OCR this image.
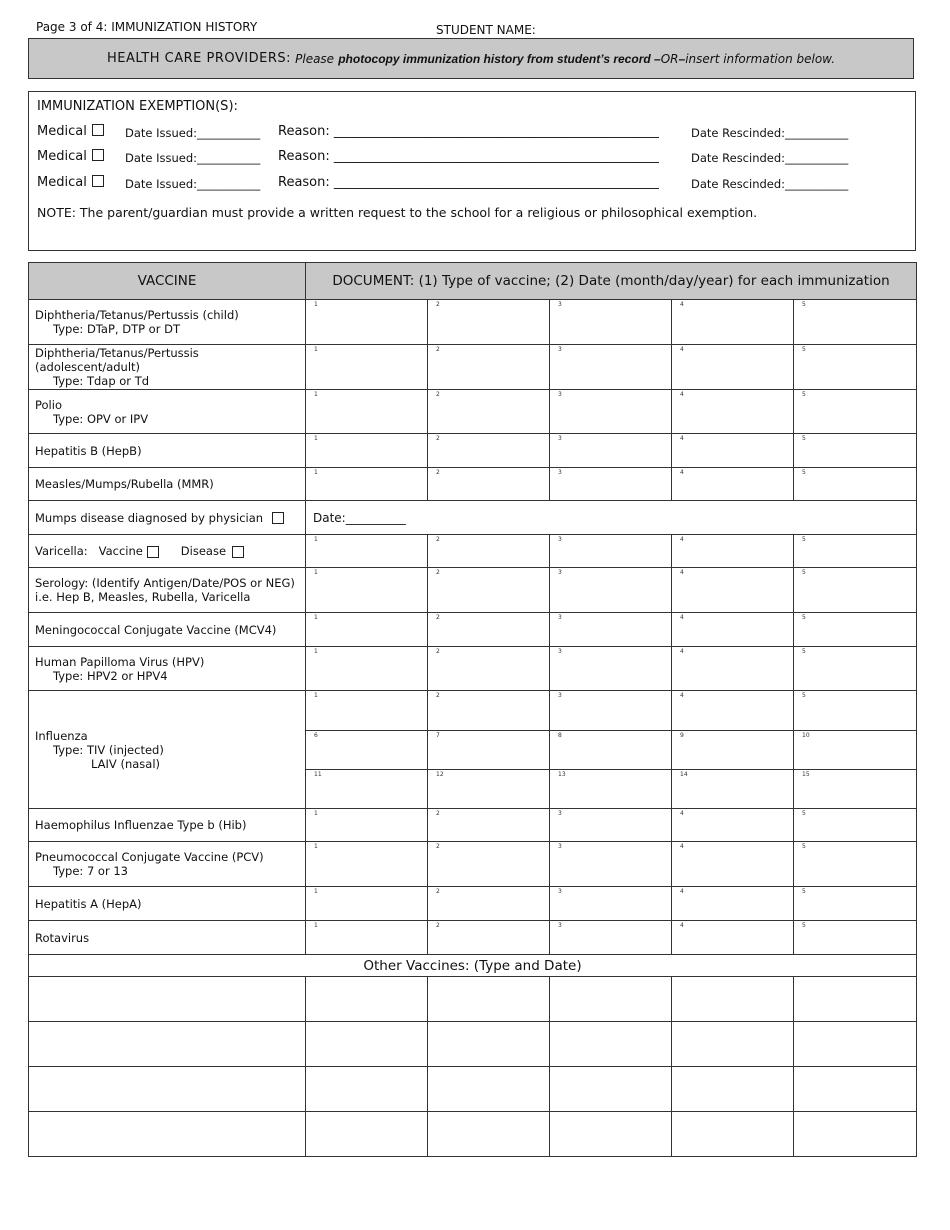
Page 3 of 4: IMMUNIZATION HISTORY	STUDENT NAME:
HEALTH CARE PROVIDERS:
Please
photocopy immunization history from student’s record – OR – insert information below.
IMMUNIZATION EXEMPTION(S):
Medical	Date Issued:___________ Reason: __________________________________________________	Date Rescinded:___________
Medical	Date Issued:___________ Reason: __________________________________________________	Date Rescinded:___________
Medical	Date Issued:___________ Reason: __________________________________________________	Date Rescinded:___________
NOTE: The parent/guardian must provide a written request to the school for a religious or philosophical exemption.
VACCINE	DOCUMENT: (1) Type of vaccine; (2) Date (month/day/year) for each immunization				
Diphtheria/Tetanus/Pertussis (child)
Type: DTaP, DTP or DT	1	2	3	4	5

Diphtheria/Tetanus/Pertussis
(adolescent/adult)
Type: Tdap or Td	1	2	3	4	5

Polio
Type: OPV or IPV	1	2	3	4	5

Hepatitis B (HepB)	1	2	3	4	5

Measles/Mumps/Rubella (MMR)	1	2	3	4	5

Mumps disease diagnosed by physician	Date:__________				
Varicella: Vaccine Disease	1	2	3	4	5

Serology: (Identify Antigen/Date/POS or NEG)
i.e. Hep B, Measles, Rubella, Varicella	1	2	3	4	5

Meningococcal Conjugate Vaccine (MCV4)	1	2	3	4	5

Human Papilloma Virus (HPV)
Type: HPV2 or HPV4	1	2	3	4	5

Influenza
Type: TIV (injected)
LAIV (nasal)	1	2	3	4	5

	6	7	8	9	10

	11	12	13	14	15

Haemophilus Influenzae Type b (Hib)	1	2	3	4	5

Pneumococcal Conjugate Vaccine (PCV)
Type: 7 or 13	1	2	3	4	5

Hepatitis A (HepA)	1	2	3	4	5

Rotavirus	1	2	3	4	5

Other Vaccines: (Type and Date)					
